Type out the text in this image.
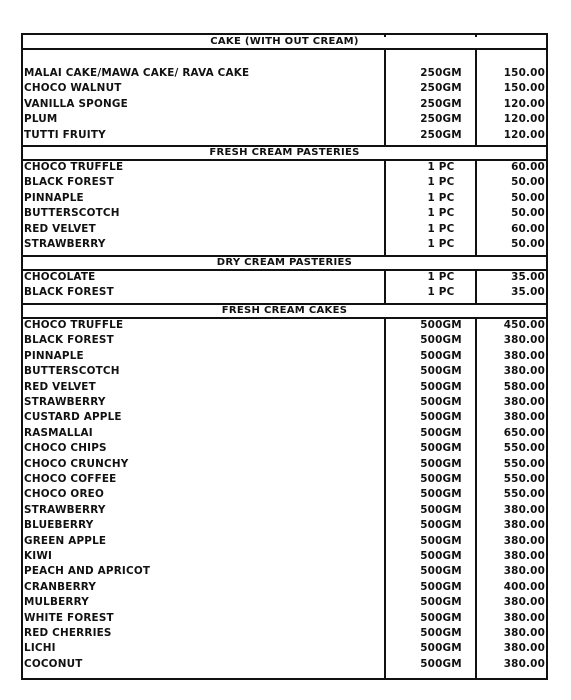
CAKE (WITH OUT CREAM)
MALAI CAKE/MAWA CAKE/ RAVA CAKE	250GM	150.00
CHOCO WALNUT	250GM	150.00
VANILLA SPONGE	250GM	120.00
PLUM	250GM	120.00
TUTTI FRUITY	250GM	120.00
FRESH CREAM PASTERIES
CHOCO TRUFFLE	1 PC	60.00
BLACK FOREST	1 PC	50.00
PINNAPLE	1 PC	50.00
BUTTERSCOTCH	1 PC	50.00
RED VELVET	1 PC	60.00
STRAWBERRY	1 PC	50.00
DRY CREAM PASTERIES
CHOCOLATE	1 PC	35.00
BLACK FOREST	1 PC	35.00
FRESH CREAM CAKES
CHOCO TRUFFLE	500GM	450.00
BLACK FOREST	500GM	380.00
PINNAPLE	500GM	380.00
BUTTERSCOTCH	500GM	380.00
RED VELVET	500GM	580.00
STRAWBERRY	500GM	380.00
CUSTARD APPLE	500GM	380.00
RASMALLAI	500GM	650.00
CHOCO CHIPS	500GM	550.00
CHOCO CRUNCHY	500GM	550.00
CHOCO COFFEE	500GM	550.00
CHOCO OREO	500GM	550.00
STRAWBERRY	500GM	380.00
BLUEBERRY	500GM	380.00
GREEN APPLE	500GM	380.00
KIWI	500GM	380.00
PEACH AND APRICOT	500GM	380.00
CRANBERRY	500GM	400.00
MULBERRY	500GM	380.00
WHITE FOREST	500GM	380.00
RED CHERRIES	500GM	380.00
LICHI	500GM	380.00
COCONUT	500GM	380.00
